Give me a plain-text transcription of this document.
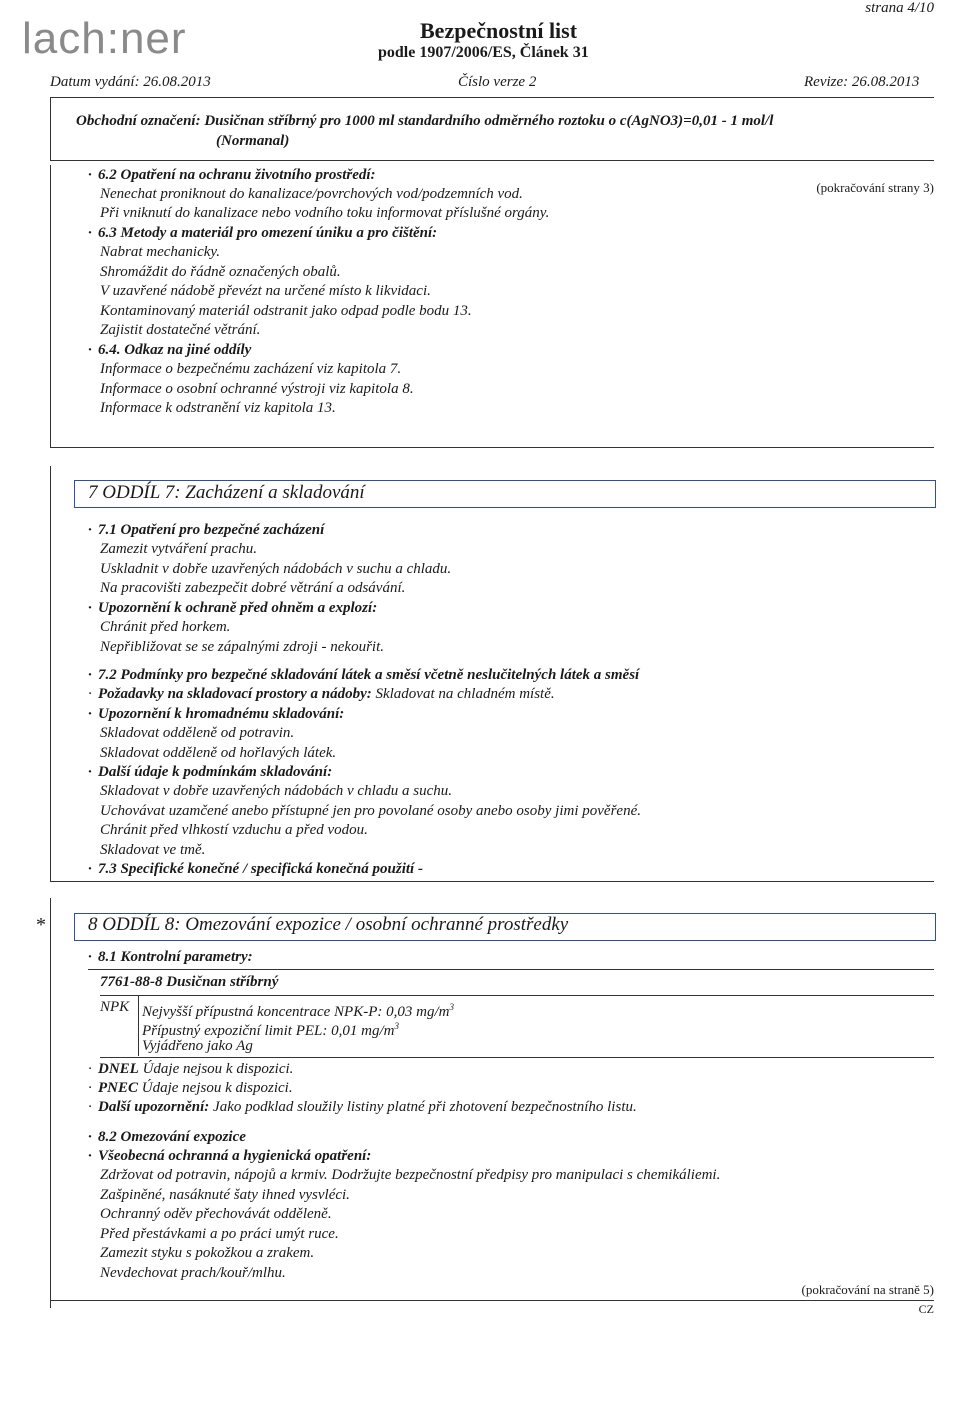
strana 4/10
lach:ner	Bezpečnostní list
podle 1907/2006/ES, Článek 31
Datum vydání: 26.08.2013	Číslo verze 2	Revize: 26.08.2013
Obchodní označení: Dusičnan stříbrný pro 1000 ml standardního odměrného roztoku o c(AgNO3)=0,01 - 1 mol/l
(Normanal)
(pokračování strany 3)
· 6.2 Opatření na ochranu životního prostředí:
Nenechat proniknout do kanalizace/povrchových vod/podzemních vod.
Při vniknutí do kanalizace nebo vodního toku informovat příslušné orgány.
· 6.3 Metody a materiál pro omezení úniku a pro čištění:
Nabrat mechanicky.
Shromáždit do řádně označených obalů.
V uzavřené nádobě převézt na určené místo k likvidaci.
Kontaminovaný materiál odstranit jako odpad podle bodu 13.
Zajistit dostatečné větrání.
· 6.4. Odkaz na jiné oddíly
Informace o bezpečnému zacházení viz kapitola 7.
Informace o osobní ochranné výstroji viz kapitola 8.
Informace k odstranění viz kapitola 13.
7 ODDÍL 7: Zacházení a skladování
· 7.1 Opatření pro bezpečné zacházení
Zamezit vytváření prachu.
Uskladnit v dobře uzavřených nádobách v suchu a chladu.
Na pracovišti zabezpečit dobré větrání a odsávání.
· Upozornění k ochraně před ohněm a explozí:
Chránit před horkem.
Nepřibližovat se se zápalnými zdroji - nekouřit.
· 7.2 Podmínky pro bezpečné skladování látek a směsí včetně neslučitelných látek a směsí
· Požadavky na skladovací prostory a nádoby: Skladovat na chladném místě.
· Upozornění k hromadnému skladování:
Skladovat odděleně od potravin.
Skladovat odděleně od hořlavých látek.
· Další údaje k podmínkám skladování:
Skladovat v dobře uzavřených nádobách v chladu a suchu.
Uchovávat uzamčené anebo přístupné jen pro povolané osoby anebo osoby jimi pověřené.
Chránit před vlhkostí vzduchu a před vodou.
Skladovat ve tmě.
· 7.3 Specifické konečné / specifická konečná použití -
* 8 ODDÍL 8: Omezování expozice / osobní ochranné prostředky
· 8.1 Kontrolní parametry:
7761-88-8 Dusičnan stříbrný
NPK Nejvyšší přípustná koncentrace NPK-P: 0,03 $mg/m^3$
Přípustný expoziční limit PEL: 0,01 $mg/m^3$
Vyjádřeno jako Ag
· DNEL Údaje nejsou k dispozici.
· PNEC Údaje nejsou k dispozici.
· Další upozornění: Jako podklad sloužily listiny platné při zhotovení bezpečnostního listu.
· 8.2 Omezování expozice
· Všeobecná ochranná a hygienická opatření:
Zdržovat od potravin, nápojů a krmiv. Dodržujte bezpečnostní předpisy pro manipulaci s chemikáliemi.
Zašpiněné, nasáknuté šaty ihned vysvléci.
Ochranný oděv přechovávát odděleně.
Před přestávkami a po práci umýt ruce.
Zamezit styku s pokožkou a zrakem.
Nevdechovat prach/kouř/mlhu.
(pokračování na straně 5)
CZ
